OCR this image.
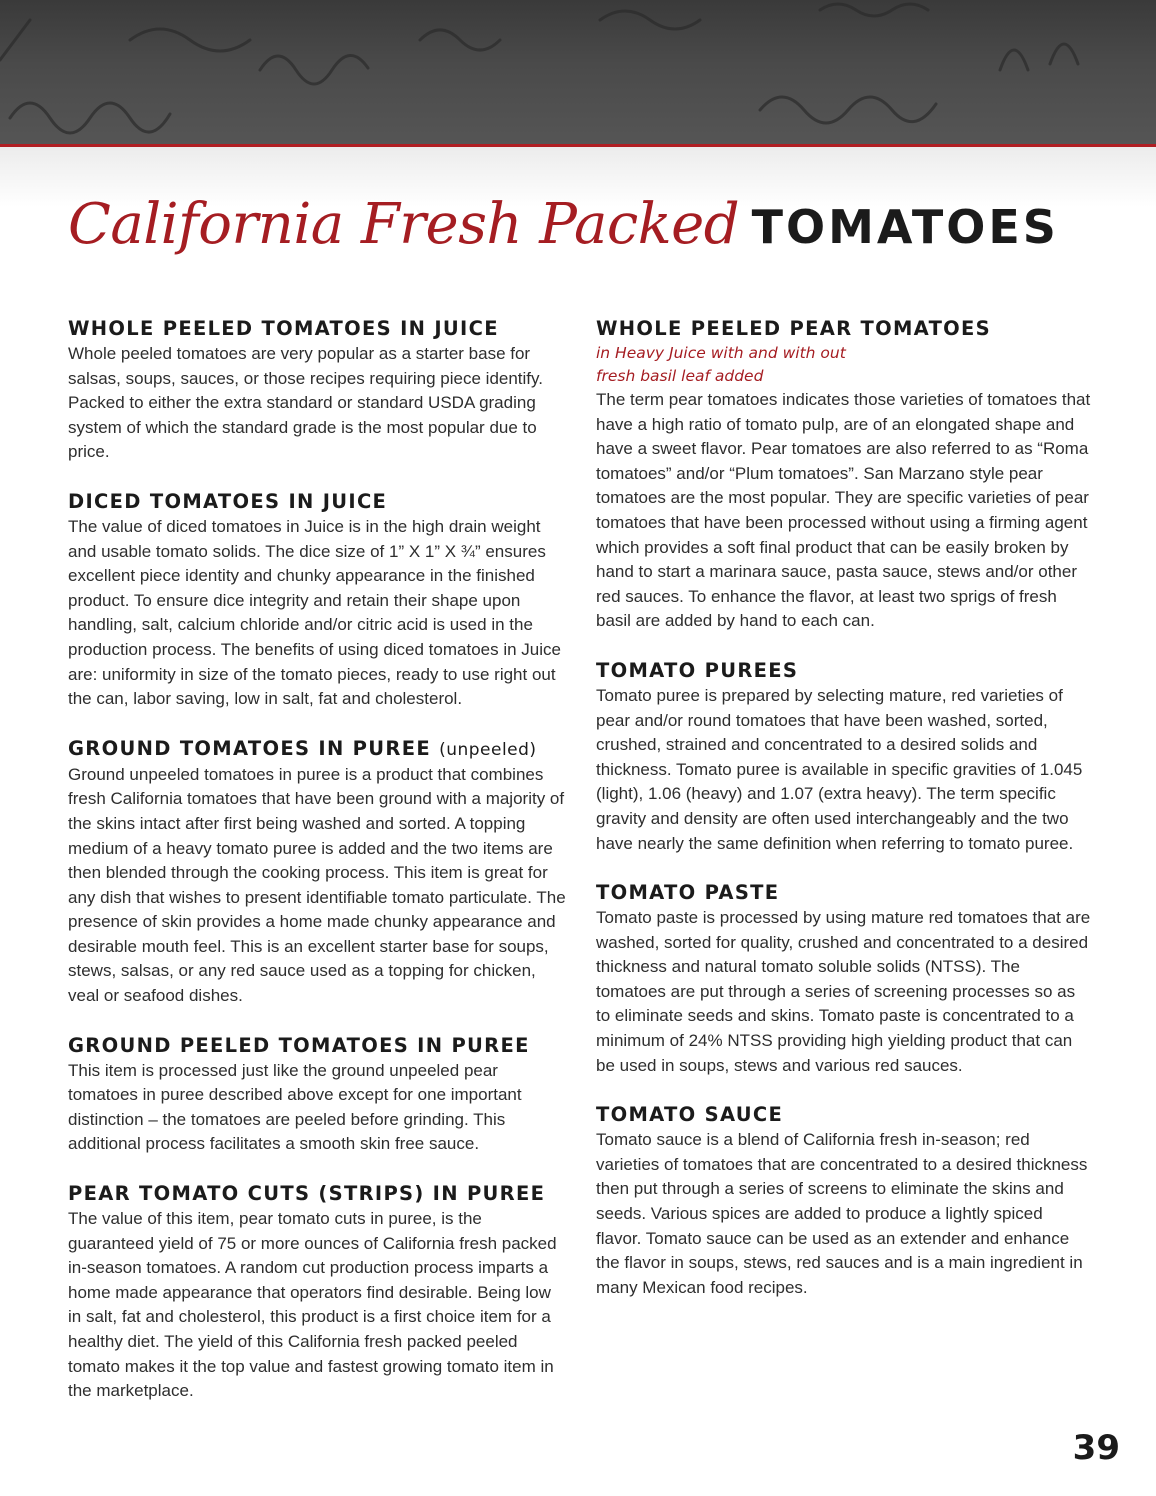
California Fresh Packed TOMATOES
WHOLE PEELED TOMATOES IN JUICE

Whole peeled tomatoes are very popular as a starter base for salsas, soups, sauces, or those recipes requiring piece identify. Packed to either the extra standard or standard USDA grading system of which the standard grade is the most popular due to price.

DICED TOMATOES IN JUICE

The value of diced tomatoes in Juice is in the high drain weight and usable tomato solids. The dice size of 1” X 1” X ¾” ensures excellent piece identity and chunky appearance in the finished product. To ensure dice integrity and retain their shape upon handling, salt, calcium chloride and/or citric acid is used in the production process. The benefits of using diced tomatoes in Juice are: uniformity in size of the tomato pieces, ready to use right out the can, labor saving, low in salt, fat and cholesterol.

GROUND TOMATOES IN PUREE (unpeeled)

Ground unpeeled tomatoes in puree is a product that combines fresh California tomatoes that have been ground with a majority of the skins intact after first being washed and sorted. A topping medium of a heavy tomato puree is added and the two items are then blended through the cooking process. This item is great for any dish that wishes to present identifiable tomato particulate. The presence of skin provides a home made chunky appearance and desirable mouth feel. This is an excellent starter base for soups, stews, salsas, or any red sauce used as a topping for chicken, veal or seafood dishes.

GROUND PEELED TOMATOES IN PUREE

This item is processed just like the ground unpeeled pear tomatoes in puree described above except for one important distinction – the tomatoes are peeled before grinding. This additional process facilitates a smooth skin free sauce.

PEAR TOMATO CUTS (STRIPS) IN PUREE

The value of this item, pear tomato cuts in puree, is the guaranteed yield of 75 or more ounces of California fresh packed in-season tomatoes. A random cut production process imparts a home made appearance that operators find desirable. Being low in salt, fat and cholesterol, this product is a first choice item for a healthy diet. The yield of this California fresh packed peeled tomato makes it the top value and fastest growing tomato item in the marketplace.

WHOLE PEELED PEAR TOMATOES
in Heavy Juice with and with out
fresh basil leaf added

The term pear tomatoes indicates those varieties of tomatoes that have a high ratio of tomato pulp, are of an elongated shape and have a sweet flavor. Pear tomatoes are also referred to as “Roma tomatoes” and/or “Plum tomatoes”. San Marzano style pear tomatoes are the most popular. They are specific varieties of pear tomatoes that have been processed without using a firming agent which provides a soft final product that can be easily broken by hand to start a marinara sauce, pasta sauce, stews and/or other red sauces. To enhance the flavor, at least two sprigs of fresh basil are added by hand to each can.

TOMATO PUREES

Tomato puree is prepared by selecting mature, red varieties of pear and/or round tomatoes that have been washed, sorted, crushed, strained and concentrated to a desired solids and thickness. Tomato puree is available in specific gravities of 1.045 (light), 1.06 (heavy) and 1.07 (extra heavy). The term specific gravity and density are often used interchangeably and the two have nearly the same definition when referring to tomato puree.

TOMATO PASTE

Tomato paste is processed by using mature red tomatoes that are washed, sorted for quality, crushed and concentrated to a desired thickness and natural tomato soluble solids (NTSS). The tomatoes are put through a series of screening processes so as to eliminate seeds and skins. Tomato paste is concentrated to a minimum of 24% NTSS providing high yielding product that can be used in soups, stews and various red sauces.

TOMATO SAUCE

Tomato sauce is a blend of California fresh in-season; red varieties of tomatoes that are concentrated to a desired thickness then put through a series of screens to eliminate the skins and seeds. Various spices are added to produce a lightly spiced flavor. Tomato sauce can be used as an extender and enhance the flavor in soups, stews, red sauces and is a main ingredient in many Mexican food recipes.

39
